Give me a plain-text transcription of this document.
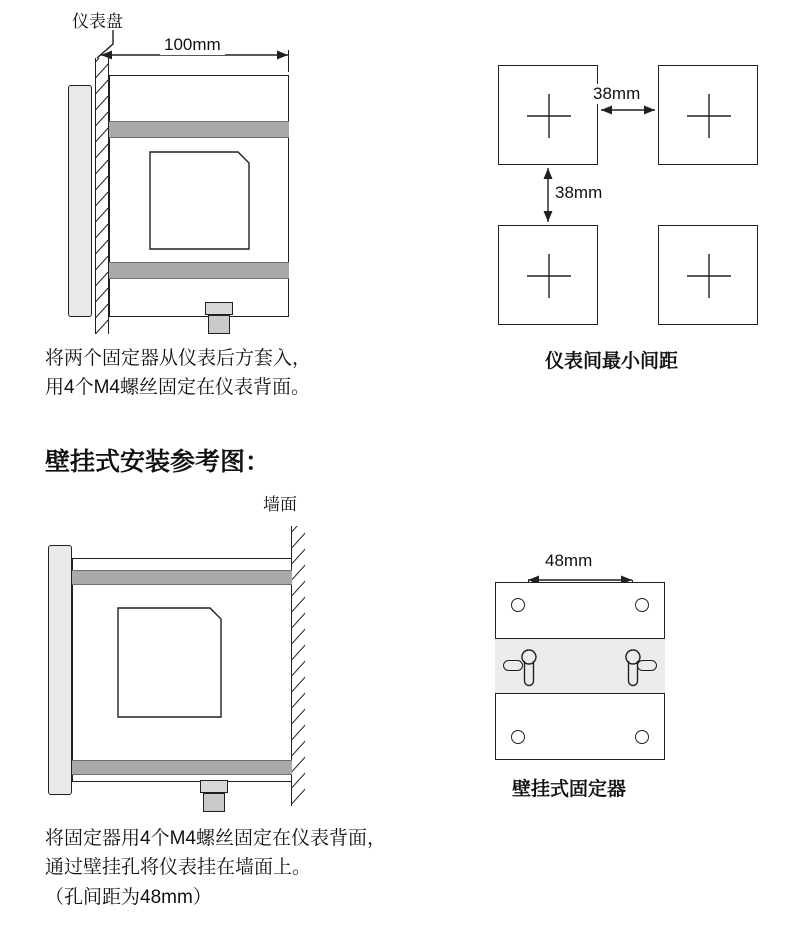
仪表盘
100mm
将两个固定器从仪表后方套入，
用4个M4螺丝固定在仪表背面。
38mm
38mm
仪表间最小间距
壁挂式安装参考图：
墙面
将固定器用4个M4螺丝固定在仪表背面，
通过壁挂孔将仪表挂在墙面上。
（孔间距为48mm）
48mm
壁挂式固定器
